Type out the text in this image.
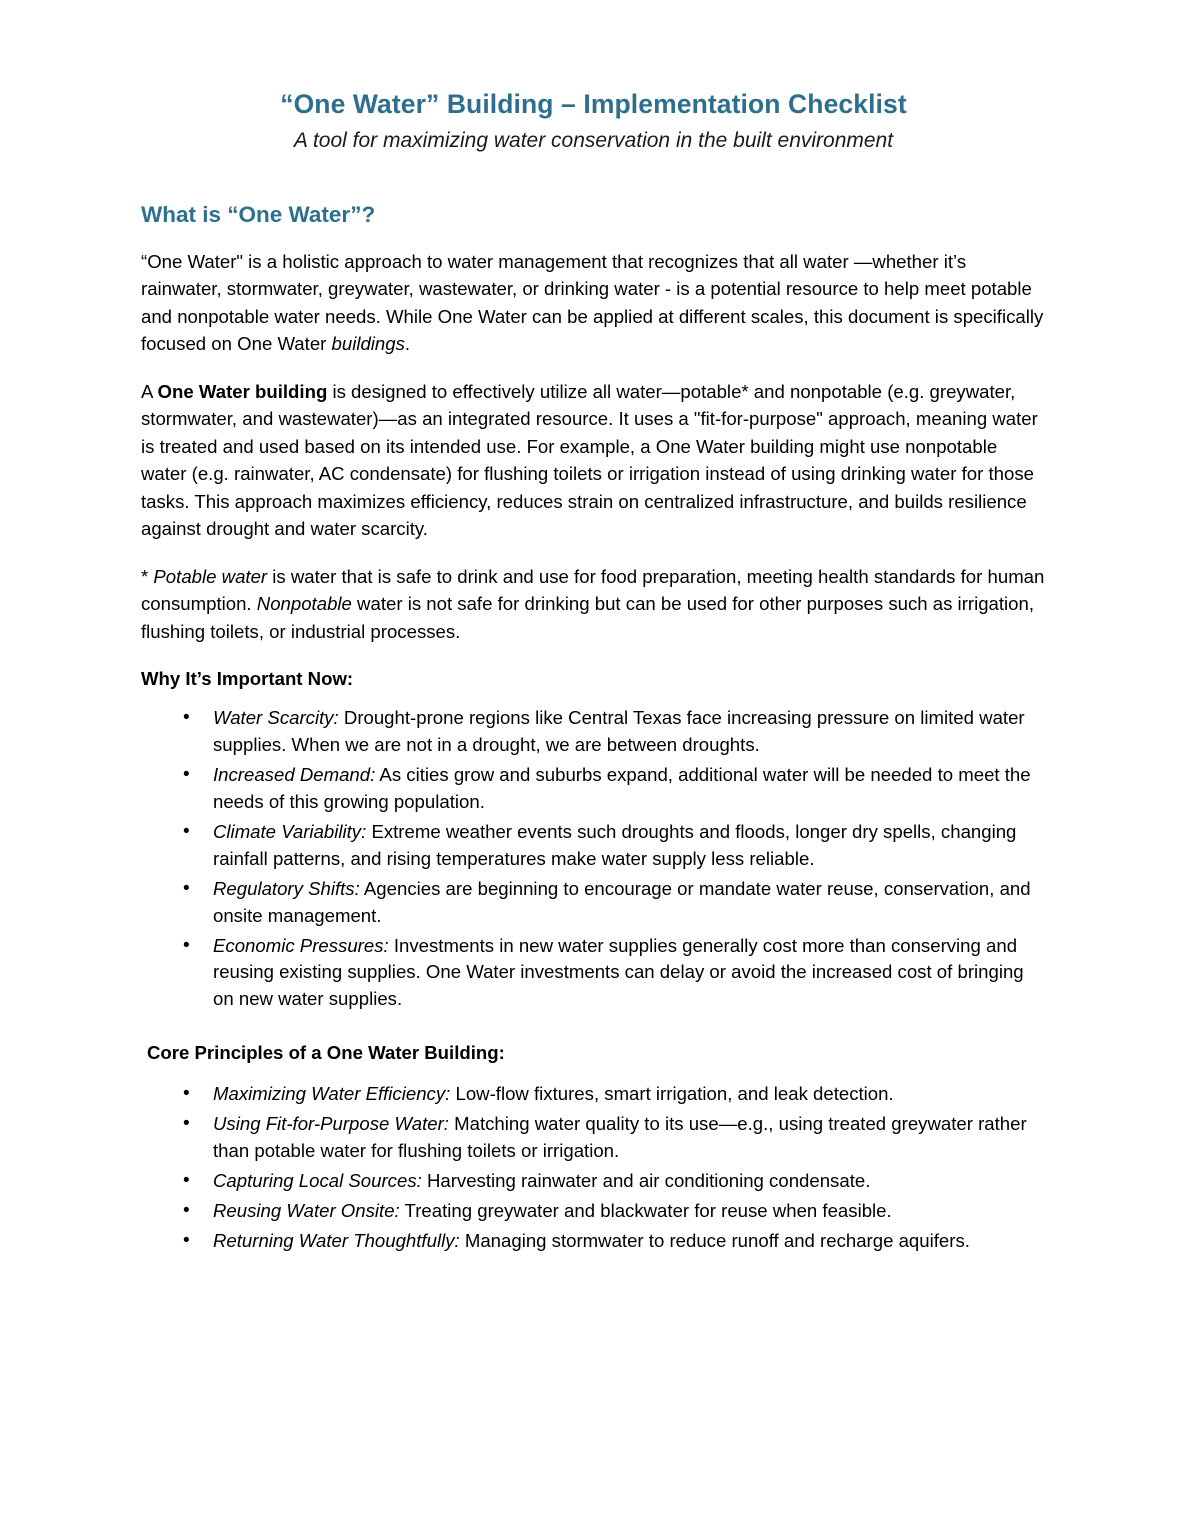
“One Water” Building – Implementation Checklist
A tool for maximizing water conservation in the built environment
What is “One Water”?

“One Water" is a holistic approach to water management that recognizes that all water —whether it’s rainwater, stormwater, greywater, wastewater, or drinking water - is a potential resource to help meet potable and nonpotable water needs. While One Water can be applied at different scales, this document is specifically focused on One Water buildings.

A One Water building is designed to effectively utilize all water—potable* and nonpotable (e.g. greywater, stormwater, and wastewater)—as an integrated resource. It uses a "fit-for-purpose" approach, meaning water is treated and used based on its intended use. For example, a One Water building might use nonpotable water (e.g. rainwater, AC condensate) for flushing toilets or irrigation instead of using drinking water for those tasks. This approach maximizes efficiency, reduces strain on centralized infrastructure, and builds resilience against drought and water scarcity.

* Potable water is water that is safe to drink and use for food preparation, meeting health standards for human consumption. Nonpotable water is not safe for drinking but can be used for other purposes such as irrigation, flushing toilets, or industrial processes.

Why It’s Important Now:

• Water Scarcity: Drought-prone regions like Central Texas face increasing pressure on limited water supplies. When we are not in a drought, we are between droughts.
• Increased Demand: As cities grow and suburbs expand, additional water will be needed to meet the needs of this growing population.
• Climate Variability: Extreme weather events such droughts and floods, longer dry spells, changing rainfall patterns, and rising temperatures make water supply less reliable.
• Regulatory Shifts: Agencies are beginning to encourage or mandate water reuse, conservation, and onsite management.
• Economic Pressures: Investments in new water supplies generally cost more than conserving and reusing existing supplies. One Water investments can delay or avoid the increased cost of bringing on new water supplies.

Core Principles of a One Water Building:

• Maximizing Water Efficiency: Low-flow fixtures, smart irrigation, and leak detection.
• Using Fit-for-Purpose Water: Matching water quality to its use—e.g., using treated greywater rather than potable water for flushing toilets or irrigation.
• Capturing Local Sources: Harvesting rainwater and air conditioning condensate.
• Reusing Water Onsite: Treating greywater and blackwater for reuse when feasible.
• Returning Water Thoughtfully: Managing stormwater to reduce runoff and recharge aquifers.
